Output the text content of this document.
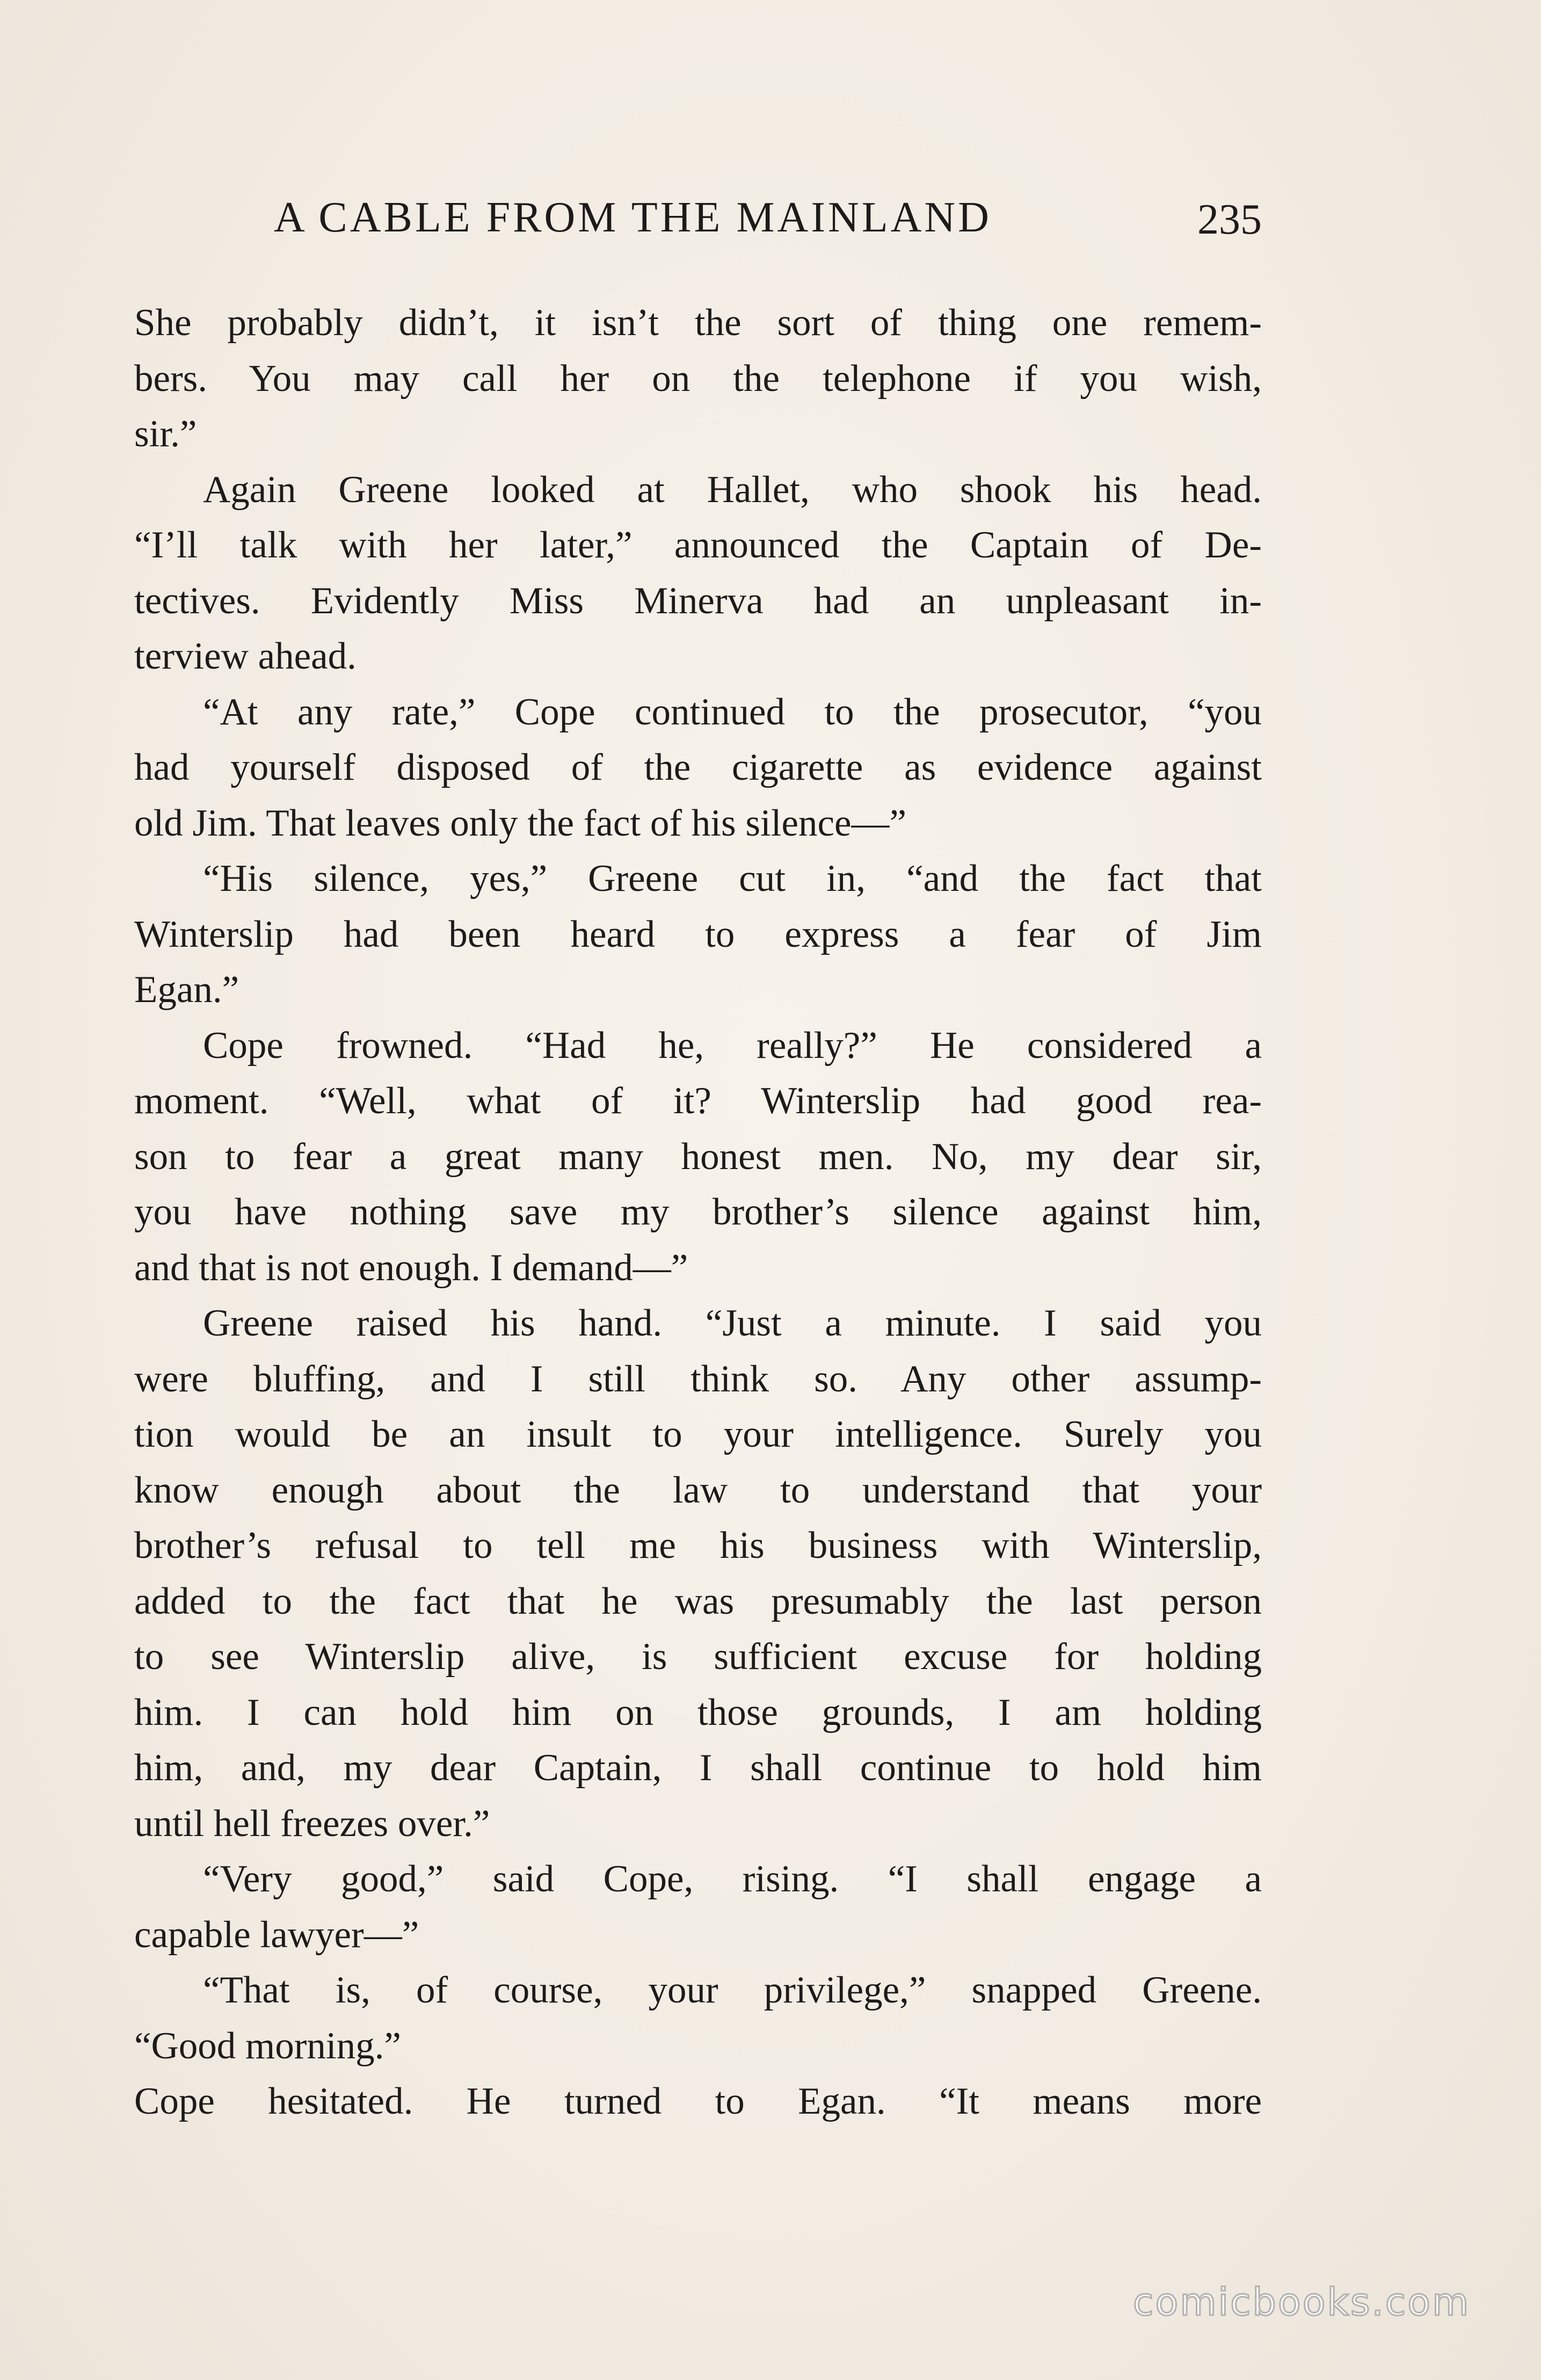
A CABLE FROM THE MAINLAND	235
She probably didn’t, it isn’t the sort of thing one remem-
bers. You may call her on the telephone if you wish,
sir.”
Again Greene looked at Hallet, who shook his head.
“I’ll talk with her later,” announced the Captain of De-
tectives. Evidently Miss Minerva had an unpleasant in-
terview ahead.
“At any rate,” Cope continued to the prosecutor, “you
had yourself disposed of the cigarette as evidence against
old Jim. That leaves only the fact of his silence—”
“His silence, yes,” Greene cut in, “and the fact that
Winterslip had been heard to express a fear of Jim
Egan.”
Cope frowned. “Had he, really?” He considered a
moment. “Well, what of it? Winterslip had good rea-
son to fear a great many honest men. No, my dear sir,
you have nothing save my brother’s silence against him,
and that is not enough. I demand—”
Greene raised his hand. “Just a minute. I said you
were bluffing, and I still think so. Any other assump-
tion would be an insult to your intelligence. Surely you
know enough about the law to understand that your
brother’s refusal to tell me his business with Winterslip,
added to the fact that he was presumably the last person
to see Winterslip alive, is sufficient excuse for holding
him. I can hold him on those grounds, I am holding
him, and, my dear Captain, I shall continue to hold him
until hell freezes over.”
“Very good,” said Cope, rising. “I shall engage a
capable lawyer—”
“That is, of course, your privilege,” snapped Greene.
“Good morning.”
Cope hesitated. He turned to Egan. “It means more
comicbooks.com
